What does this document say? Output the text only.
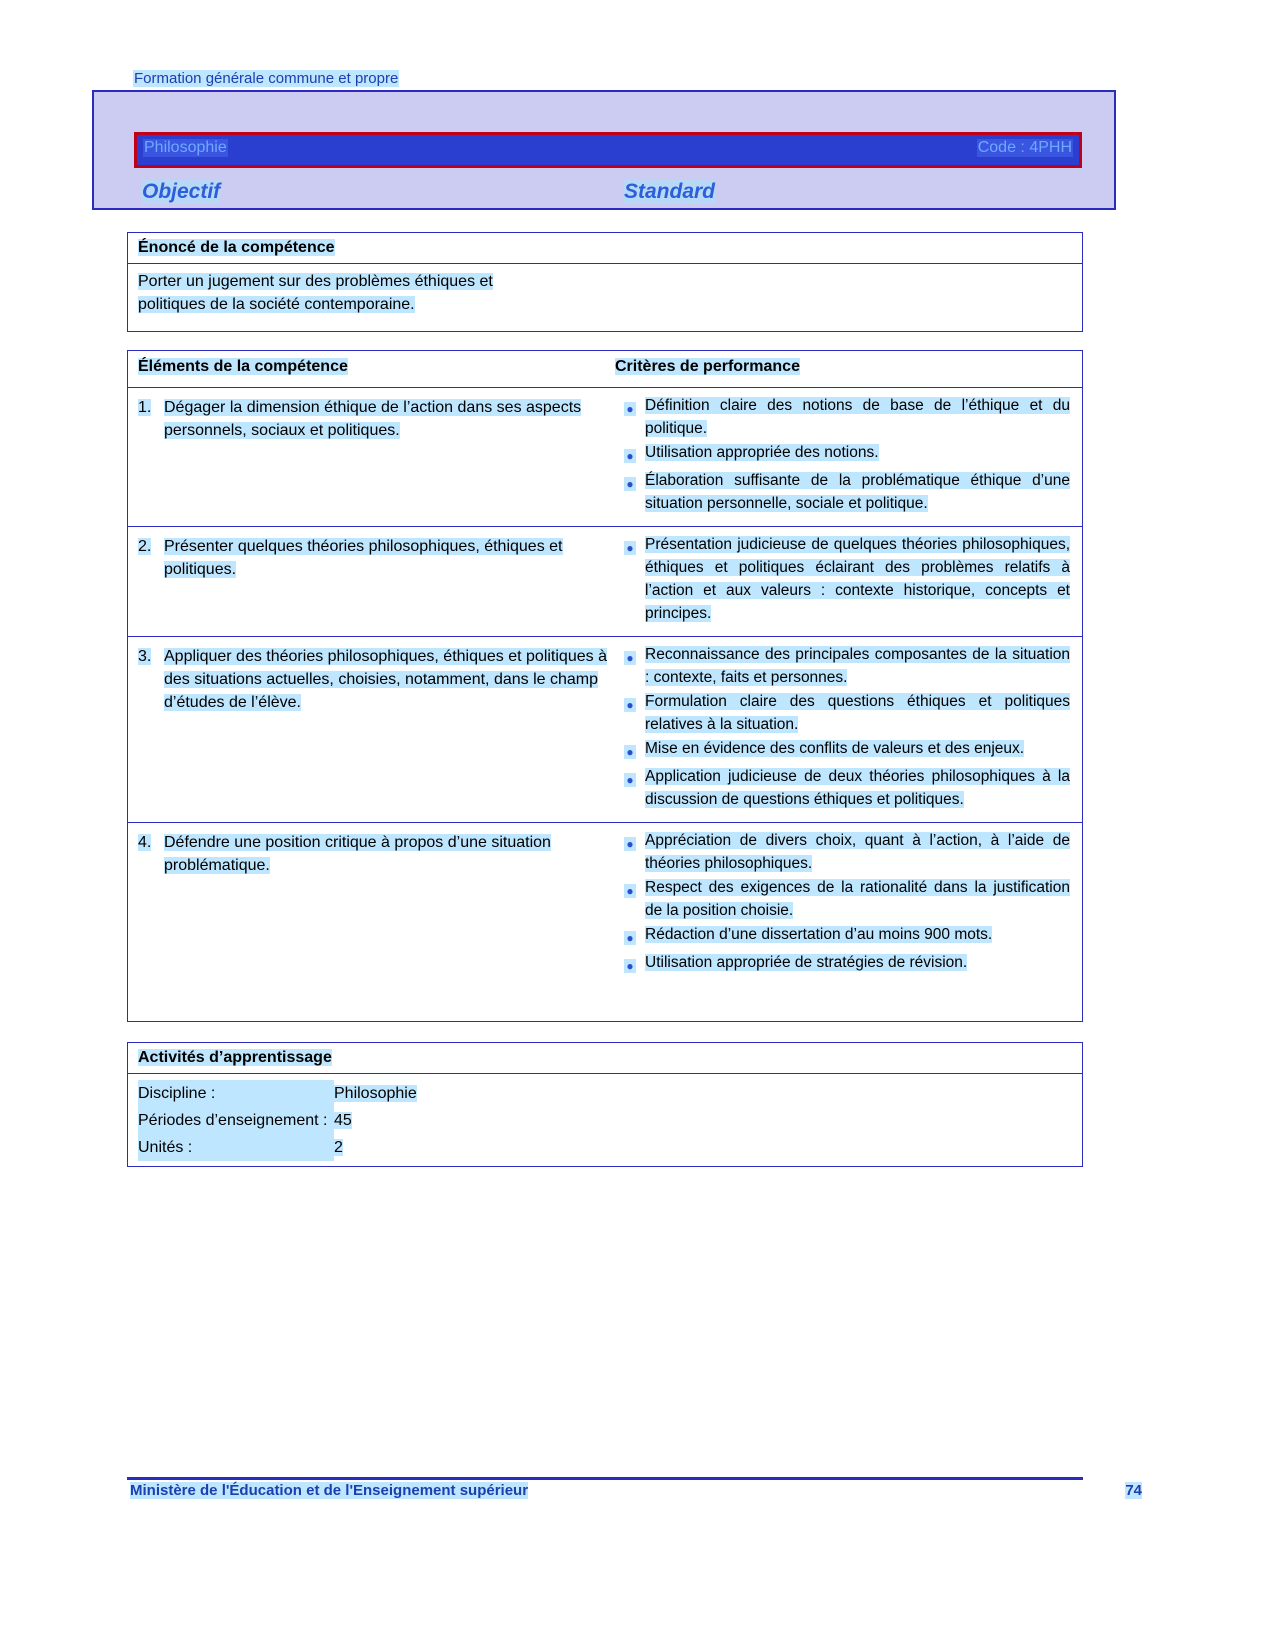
Formation générale commune et propre
Philosophie	Code : 4PHH
Objectif	Standard
Énoncé de la compétence
Porter un jugement sur des problèmes éthiques et
politiques de la société contemporaine.
Éléments de la compétence	Critères de performance
1. Dégager la dimension éthique de l’action dans ses aspects personnels, sociaux et politiques.
● Définition claire des notions de base de l’éthique et du politique.
● Utilisation appropriée des notions.
● Élaboration suffisante de la problématique éthique d’une situation personnelle, sociale et politique.
2. Présenter quelques théories philosophiques, éthiques et politiques.
● Présentation judicieuse de quelques théories philosophiques, éthiques et politiques éclairant des problèmes relatifs à l’action et aux valeurs : contexte historique, concepts et principes.
3. Appliquer des théories philosophiques, éthiques et politiques à des situations actuelles, choisies, notamment, dans le champ d’études de l’élève.
● Reconnaissance des principales composantes de la situation : contexte, faits et personnes.
● Formulation claire des questions éthiques et politiques relatives à la situation.
● Mise en évidence des conflits de valeurs et des enjeux.
● Application judicieuse de deux théories philosophiques à la discussion de questions éthiques et politiques.
4. Défendre une position critique à propos d’une situation problématique.
● Appréciation de divers choix, quant à l’action, à l’aide de théories philosophiques.
● Respect des exigences de la rationalité dans la justification de la position choisie.
● Rédaction d’une dissertation d’au moins 900 mots.
● Utilisation appropriée de stratégies de révision.
Activités d’apprentissage
Discipline :	Philosophie
Périodes d’enseignement : 45
Unités :	2
Ministère de l'Éducation et de l'Enseignement supérieur	74
